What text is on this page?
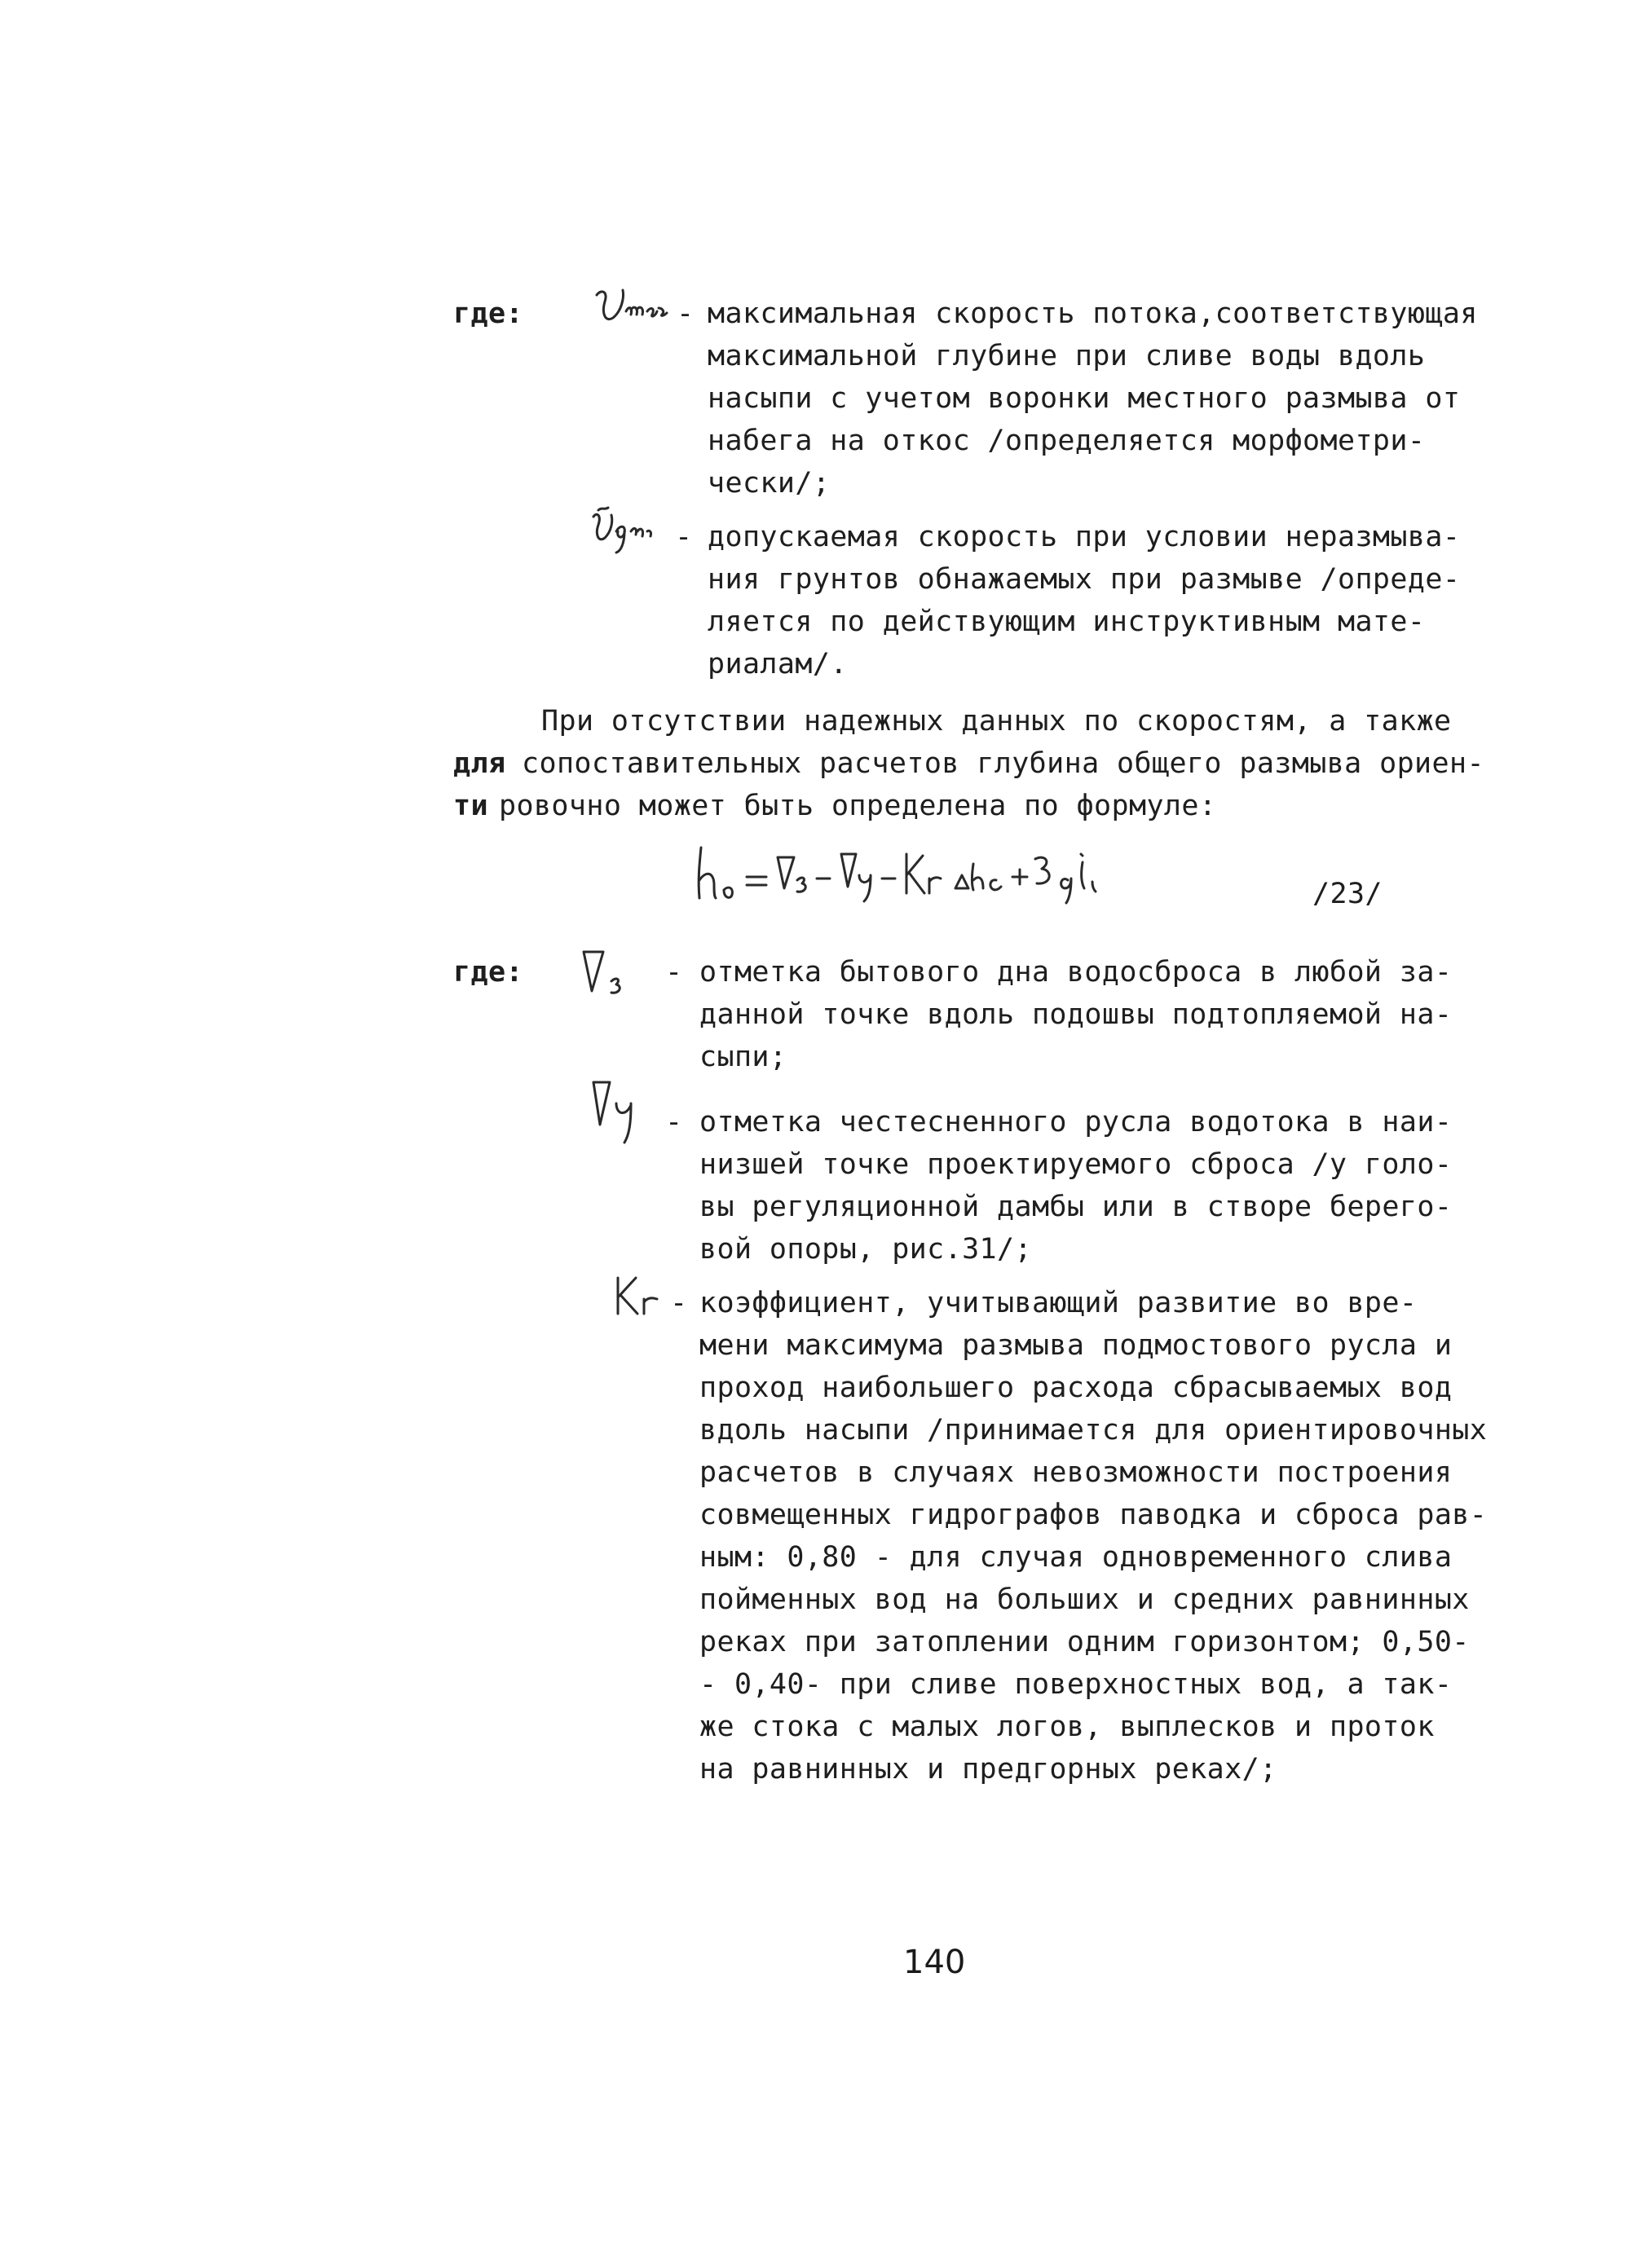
где:	- максимальная скорость потока,соответствующая
максимальной глубине при сливе воды вдоль
насыпи с учетом воронки местного размыва от
набега на откос /определяется морфометри-
чески/;
- допускаемая скорость при условии неразмыва-
ния грунтов обнажаемых при размыве /опреде-
ляется по действующим инструктивным мате-
риалам/.
При отсутствии надежных данных по скоростям, а также
для сопоставительных расчетов глубина общего размыва ориен-
ти ровочно может быть определена по формуле:
/23/
где:	- отметка бытового дна водосброса в любой за-
данной точке вдоль подошвы подтопляемой на-
сыпи;
- отметка честесненного русла водотока в наи-
низшей точке проектируемого сброса /у голо-
вы регуляционной дамбы или в створе берего-
вой опоры, рис.31/;
- коэффициент, учитывающий развитие во вре-
мени максимума размыва подмостового русла и
проход наибольшего расхода сбрасываемых вод
вдоль насыпи /принимается для ориентировочных
расчетов в случаях невозможности построения
совмещенных гидрографов паводка и сброса рав-
ным: 0,80 - для случая одновременного слива
пойменных вод на больших и средних равнинных
реках при затоплении одним горизонтом; 0,50-
- 0,40- при сливе поверхностных вод, а так-
же стока с малых логов, выплесков и проток
на равнинных и предгорных реках/;
140
